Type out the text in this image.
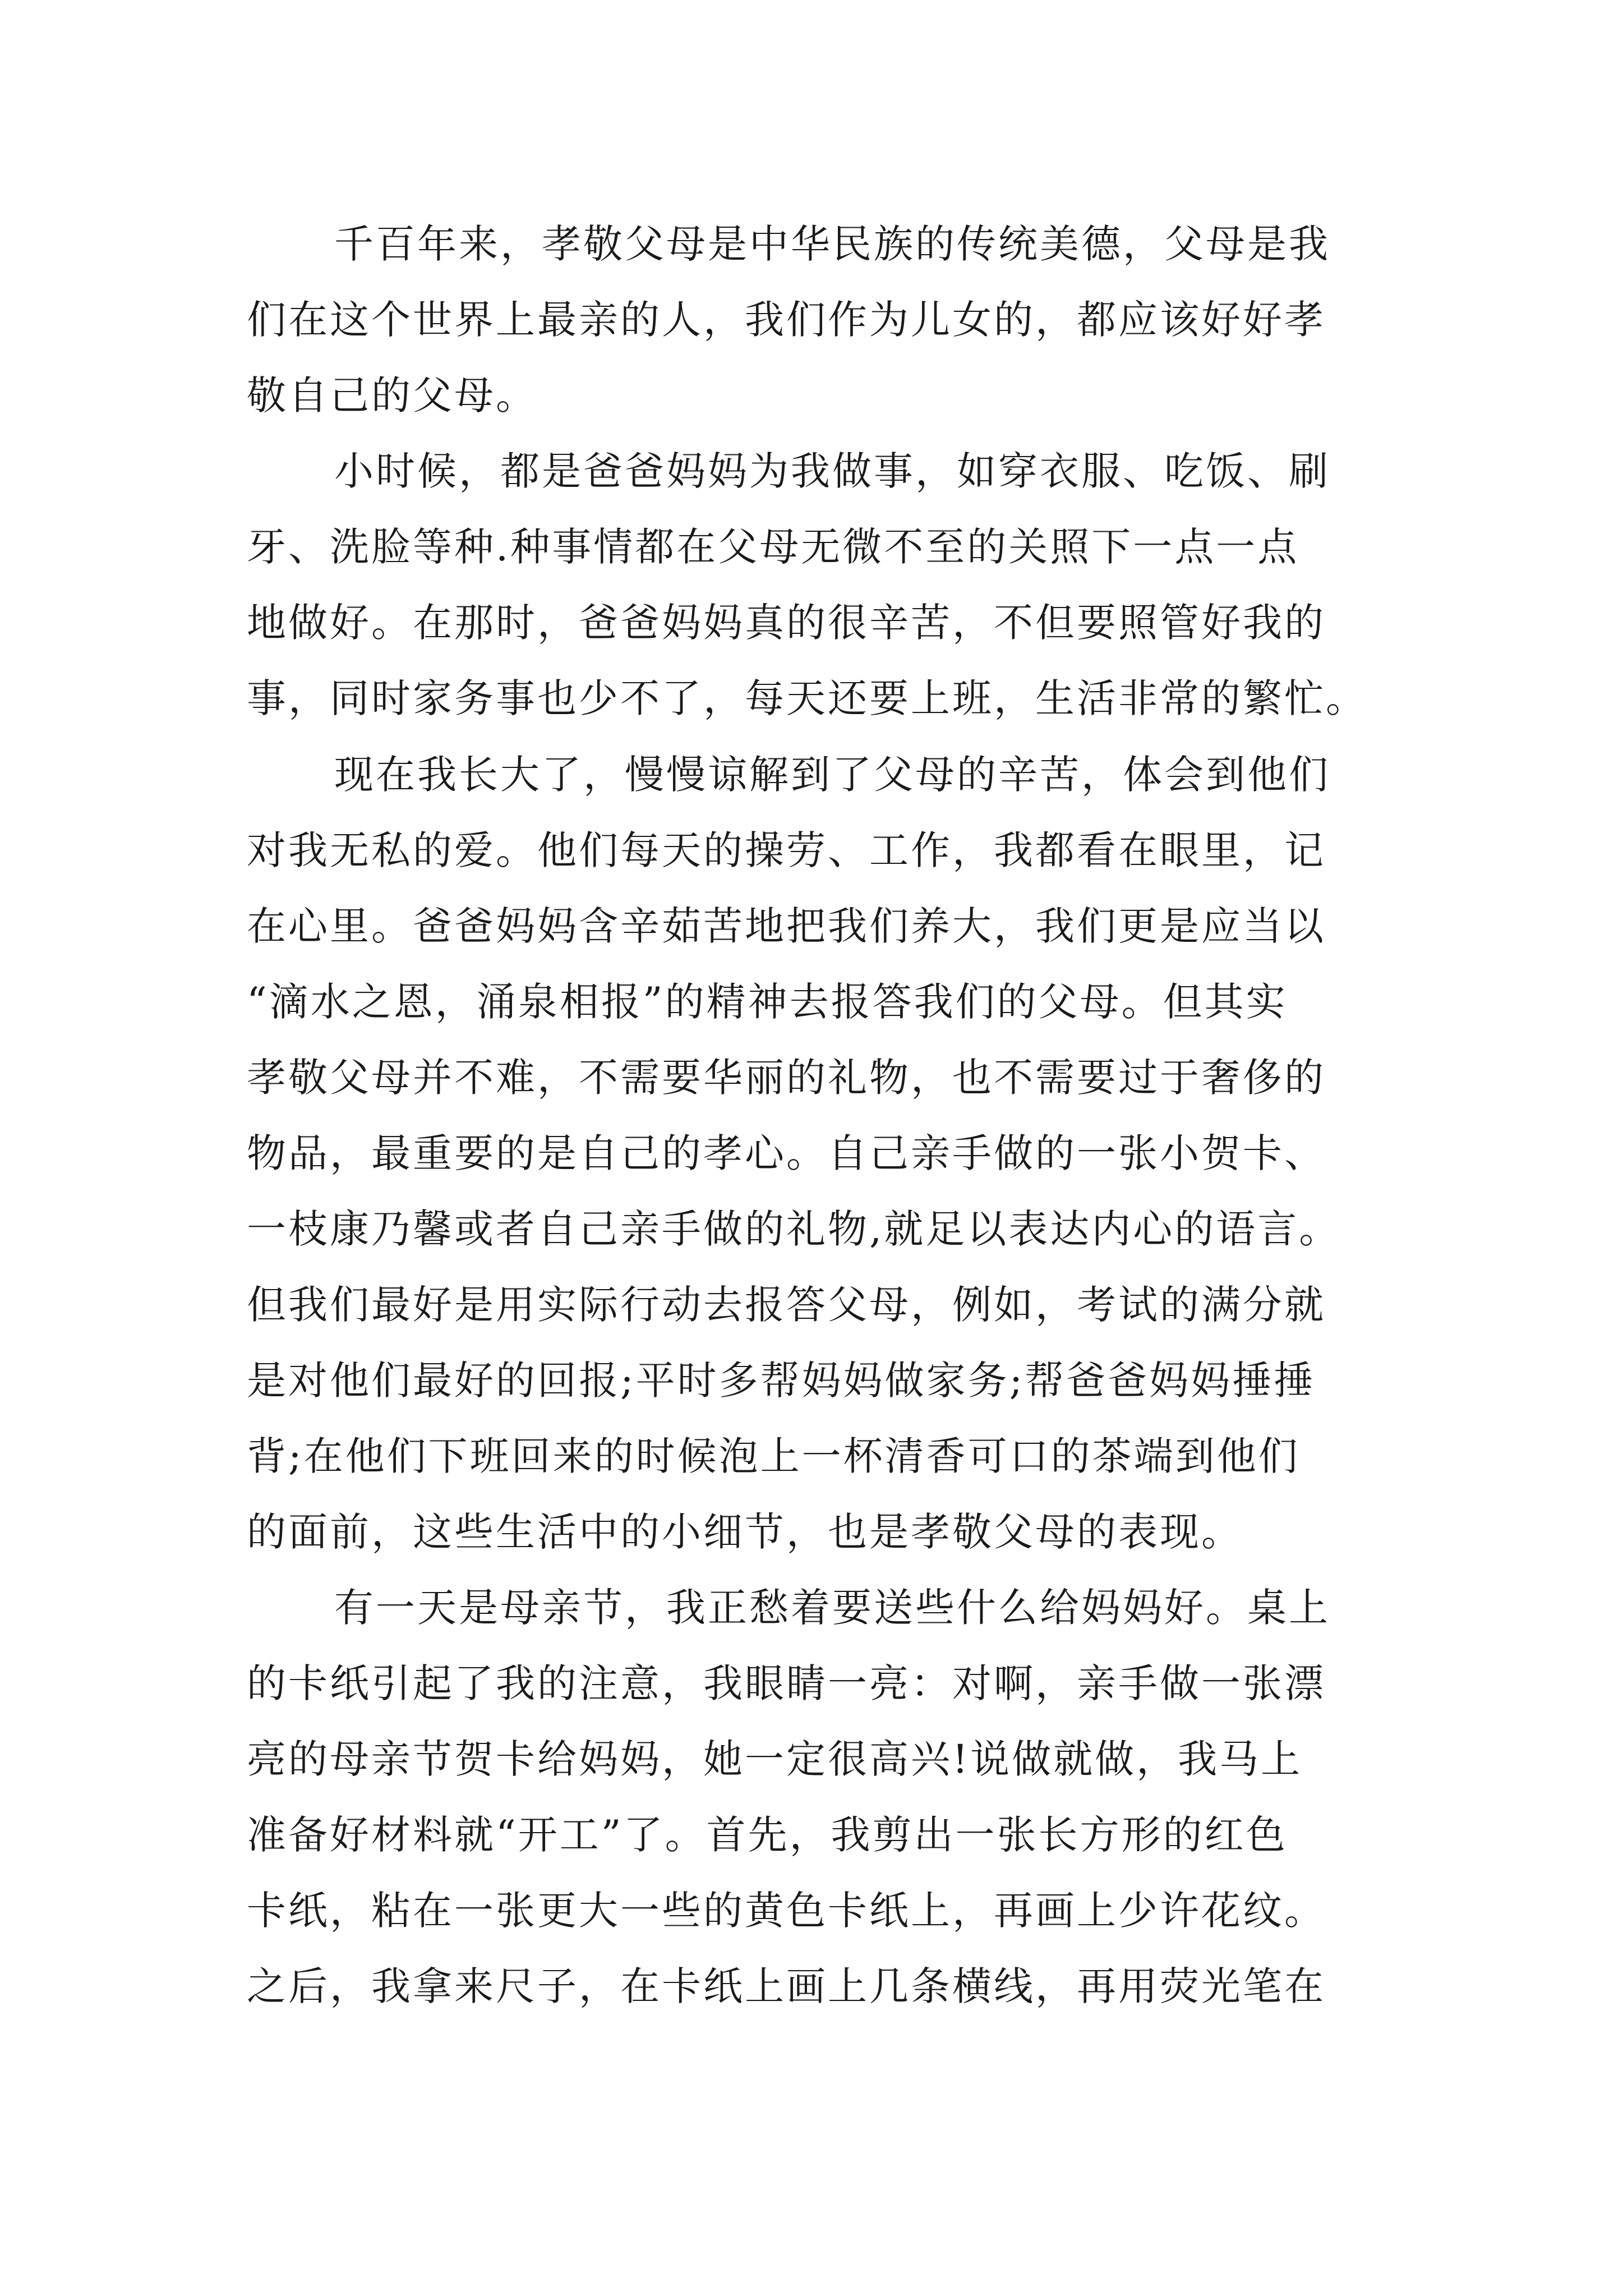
千百年来，孝敬父母是中华民族的传统美德，父母是我
们在这个世界上最亲的人，我们作为儿女的，都应该好好孝
敬自己的父母。
小时候，都是爸爸妈妈为我做事，如穿衣服、吃饭、刷
牙、洗脸等种.种事情都在父母无微不至的关照下一点一点
地做好。在那时，爸爸妈妈真的很辛苦，不但要照管好我的
事，同时家务事也少不了，每天还要上班，生活非常的繁忙。
现在我长大了，慢慢谅解到了父母的辛苦，体会到他们
对我无私的爱。他们每天的操劳、工作，我都看在眼里，记
在心里。爸爸妈妈含辛茹苦地把我们养大，我们更是应当以
“滴水之恩，涌泉相报”的精神去报答我们的父母。但其实
孝敬父母并不难，不需要华丽的礼物，也不需要过于奢侈的
物品，最重要的是自己的孝心。自己亲手做的一张小贺卡、
一枝康乃馨或者自己亲手做的礼物,就足以表达内心的语言。
但我们最好是用实际行动去报答父母，例如，考试的满分就
是对他们最好的回报;平时多帮妈妈做家务;帮爸爸妈妈捶捶
背;在他们下班回来的时候泡上一杯清香可口的茶端到他们
的面前，这些生活中的小细节，也是孝敬父母的表现。
有一天是母亲节，我正愁着要送些什么给妈妈好。桌上
的卡纸引起了我的注意，我眼睛一亮：对啊，亲手做一张漂
亮的母亲节贺卡给妈妈，她一定很高兴!说做就做，我马上
准备好材料就“开工”了。首先，我剪出一张长方形的红色
卡纸，粘在一张更大一些的黄色卡纸上，再画上少许花纹。
之后，我拿来尺子，在卡纸上画上几条横线，再用荧光笔在
